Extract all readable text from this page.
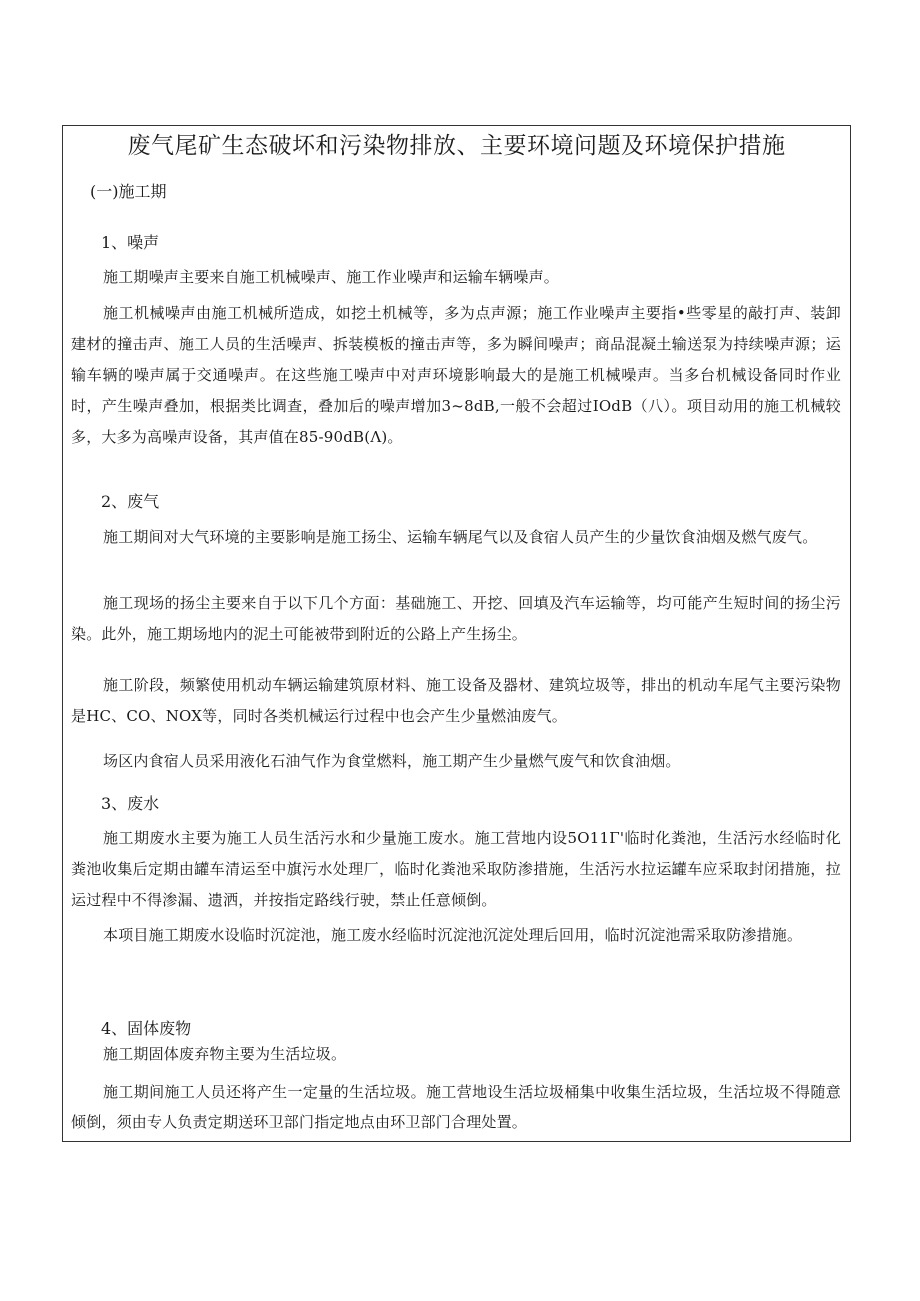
废气尾矿生态破坏和污染物排放、主要环境问题及环境保护措施
(一)施工期
1、噪声

施工期噪声主要来自施工机械噪声、施工作业噪声和运输车辆噪声。

施工机械噪声由施工机械所造成，如挖土机械等，多为点声源；施工作业噪声主要指•些零星的敲打声、装卸建材的撞击声、施工人员的生活噪声、拆装模板的撞击声等，多为瞬间噪声；商品混凝土输送泵为持续噪声源；运输车辆的噪声属于交通噪声。在这些施工噪声中对声环境影响最大的是施工机械噪声。当多台机械设备同时作业时，产生噪声叠加，根据类比调查，叠加后的噪声增加3~8dB,一般不会超过IOdB（八）。项目动用的施工机械较多，大多为高噪声设备，其声值在85-90dB(Λ)。

2、废气

施工期间对大气环境的主要影响是施工扬尘、运输车辆尾气以及食宿人员产生的少量饮食油烟及燃气废气。

施工现场的扬尘主要来自于以下几个方面：基础施工、开挖、回填及汽车运输等，均可能产生短时间的扬尘污染。此外，施工期场地内的泥土可能被带到附近的公路上产生扬尘。

施工阶段，频繁使用机动车辆运输建筑原材料、施工设备及器材、建筑垃圾等，排出的机动车尾气主要污染物是HC、CO、NOX等，同时各类机械运行过程中也会产生少量燃油废气。

场区内食宿人员采用液化石油气作为食堂燃料，施工期产生少量燃气废气和饮食油烟。

3、废水

施工期废水主要为施工人员生活污水和少量施工废水。施工营地内设5O11Γ'临时化粪池，生活污水经临时化粪池收集后定期由罐车清运至中旗污水处理厂，临时化粪池采取防渗措施，生活污水拉运罐车应采取封闭措施，拉运过程中不得渗漏、遗洒，并按指定路线行驶，禁止任意倾倒。

本项目施工期废水设临时沉淀池，施工废水经临时沉淀池沉淀处理后回用，临时沉淀池需采取防渗措施。

4、固体废物

施工期固体废弃物主要为生活垃圾。

施工期间施工人员还将产生一定量的生活垃圾。施工营地设生活垃圾桶集中收集生活垃圾，生活垃圾不得随意倾倒，须由专人负责定期送环卫部门指定地点由环卫部门合理处置。
